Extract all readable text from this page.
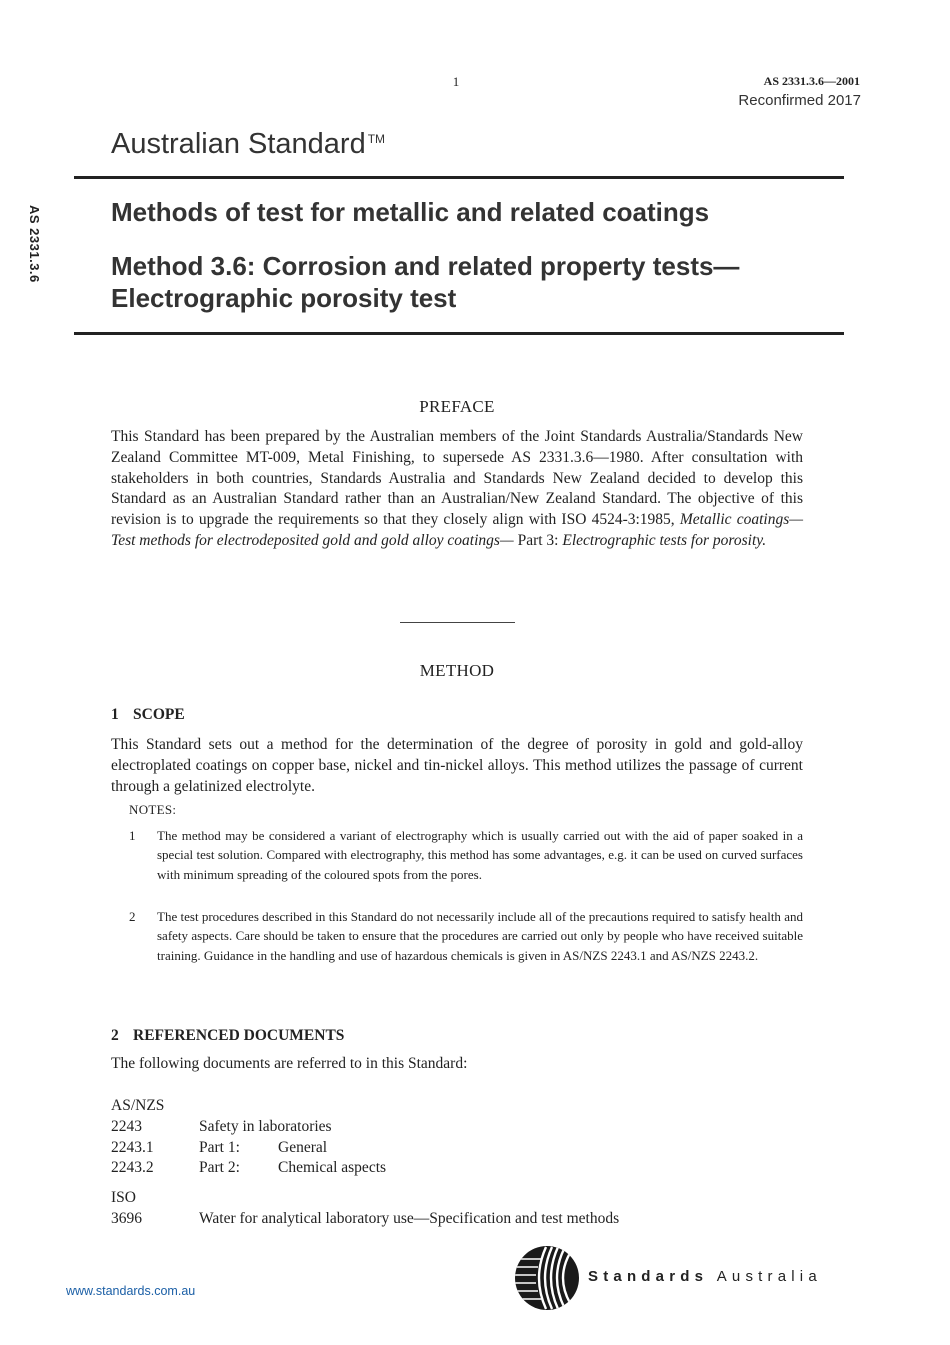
1	AS 2331.3.6—2001
Reconfirmed 2017
AS 2331.3.6
Australian Standard ™
Methods of test for metallic and related coatings
Method 3.6: Corrosion and related property tests—Electrographic porosity test
PREFACE

This Standard has been prepared by the Australian members of the Joint Standards Australia/Standards New Zealand Committee MT-009, Metal Finishing, to supersede AS 2331.3.6—1980. After consultation with stakeholders in both countries, Standards Australia and Standards New Zealand decided to develop this Standard as an Australian Standard rather than an Australian/New Zealand Standard. The objective of this revision is to upgrade the requirements so that they closely align with ISO 4524-3:1985, Metallic coatings—Test methods for electrodeposited gold and gold alloy coatings— Part 3: Electrographic tests for porosity.

METHOD
1 SCOPE

This Standard sets out a method for the determination of the degree of porosity in gold and gold-alloy electroplated coatings on copper base, nickel and tin-nickel alloys. This method utilizes the passage of current through a gelatinized electrolyte.

NOTES:
1 The method may be considered a variant of electrography which is usually carried out with the aid of paper soaked in a special test solution. Compared with electrography, this method has some advantages, e.g. it can be used on curved surfaces with minimum spreading of the coloured spots from the pores.
2 The test procedures described in this Standard do not necessarily include all of the precautions required to satisfy health and safety aspects. Care should be taken to ensure that the procedures are carried out only by people who have received suitable training. Guidance in the handling and use of hazardous chemicals is given in AS/NZS 2243.1 and AS/NZS 2243.2.
2 REFERENCED DOCUMENTS

The following documents are referred to in this Standard:

AS/NZS
2243	Safety in laboratories
2243.1	Part 1: General
2243.2	Part 2: Chemical aspects
ISO
3696	Water for analytical laboratory use—Specification and test methods
www.standards.com.au
Standards Australia
